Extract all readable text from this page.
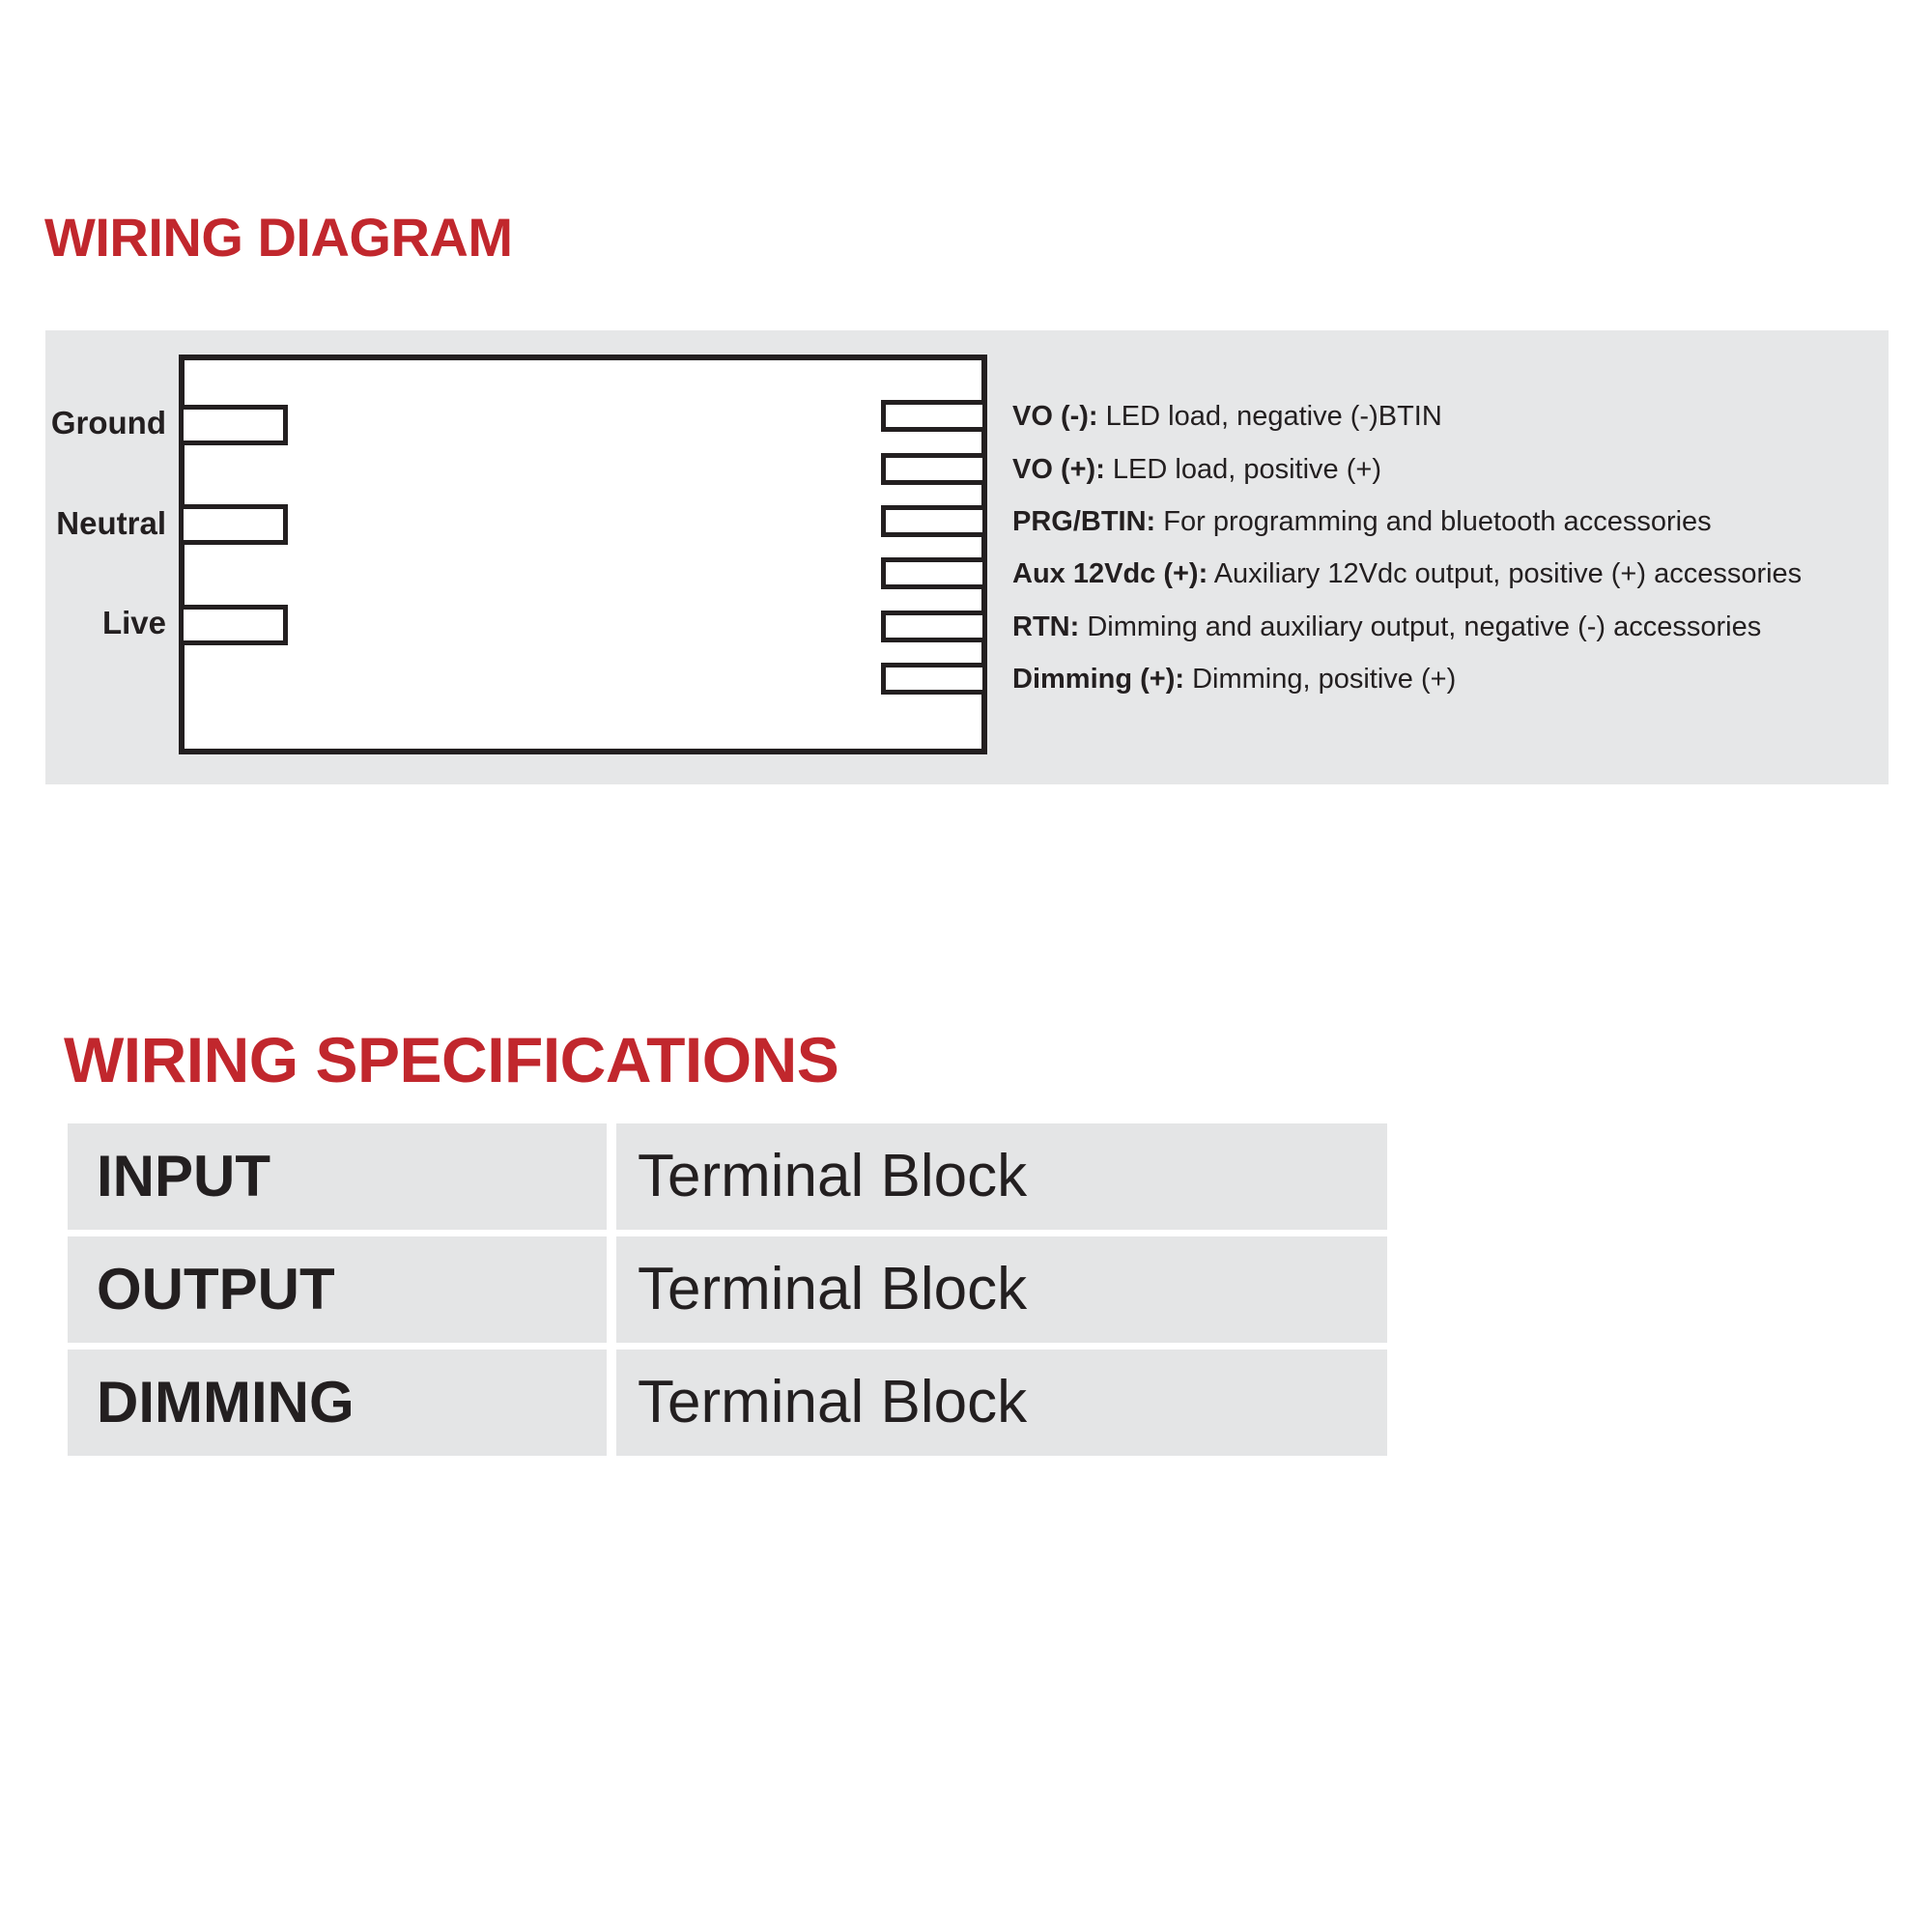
WIRING DIAGRAM
Ground
Neutral
Live
VO (-): LED load, negative (-)BTIN
VO (+): LED load, positive (+)
PRG/BTIN: For programming and bluetooth accessories
Aux 12Vdc (+): Auxiliary 12Vdc output, positive (+) accessories
RTN: Dimming and auxiliary output, negative (-) accessories
Dimming (+): Dimming, positive (+)
WIRING SPECIFICATIONS
INPUT	Terminal Block
OUTPUT	Terminal Block
DIMMING	Terminal Block
